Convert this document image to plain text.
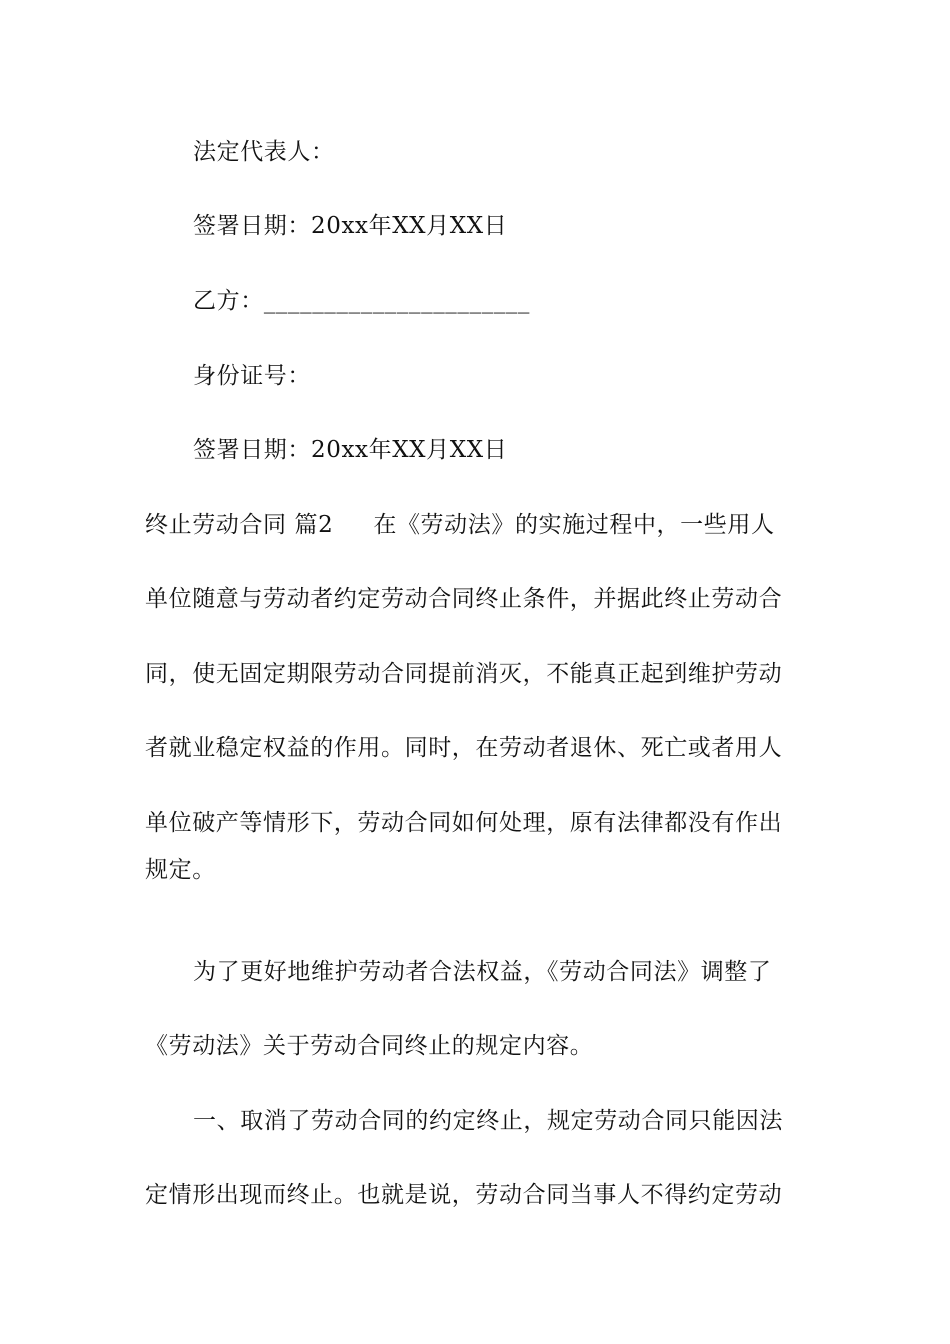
法定代表人：
签署日期：20xx年XX月XX日
乙方：______________________
身份证号：
签署日期：20xx年XX月XX日
终止劳动合同 篇2 在《劳动法》的实施过程中，一些用人
单位随意与劳动者约定劳动合同终止条件，并据此终止劳动合
同，使无固定期限劳动合同提前消灭，不能真正起到维护劳动
者就业稳定权益的作用。同时，在劳动者退休、死亡或者用人
单位破产等情形下，劳动合同如何处理，原有法律都没有作出
规定。
为了更好地维护劳动者合法权益，《劳动合同法》调整了
《劳动法》关于劳动合同终止的规定内容。
一、取消了劳动合同的约定终止，规定劳动合同只能因法
定情形出现而终止。也就是说，劳动合同当事人不得约定劳动
